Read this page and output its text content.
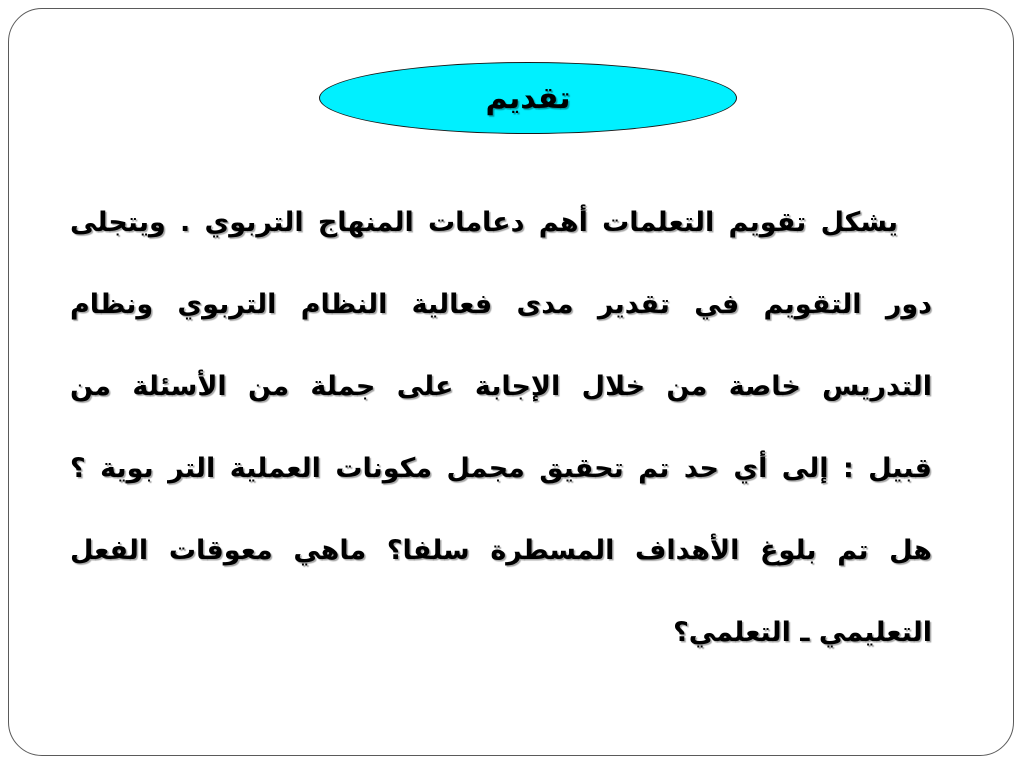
تقديم
يشكل تقويم التعلمات أهم دعامات المنهاج التربوي . ويتجلى
دور التقويم في تقدير مدى فعالية النظام التربوي ونظام
التدريس خاصة من خلال الإجابة على جملة من الأسئلة من
قبيل : إلى أي حد تم تحقيق مجمل مكونات العملية التر بوية ؟
هل تم بلوغ الأهداف المسطرة سلفا؟ ماهي معوقات الفعل
التعليمي ـ التعلمي؟
